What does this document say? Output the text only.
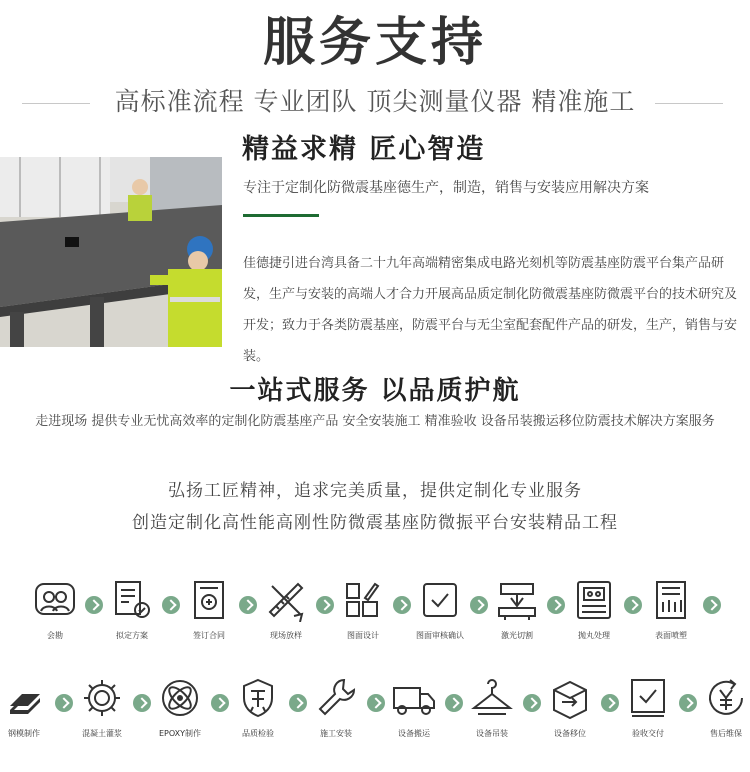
服务支持
高标准流程 专业团队 顶尖测量仪器 精准施工
精益求精 匠心智造
专注于定制化防微震基座德生产，制造，销售与安装应用解决方案
佳德捷引进台湾具备二十九年高端精密集成电路光刻机等防震基座防震平台集产品研发，生产与安装的高端人才合力开展高品质定制化防微震基座防微震平台的技术研究及开发；致力于各类防震基座，防震平台与无尘室配套配件产品的研发，生产，销售与安装。
一站式服务 以品质护航
走进现场 提供专业无忧高效率的定制化防震基座产品 安全安装施工 精准验收 设备吊装搬运移位防震技术解决方案服务
弘扬工匠精神，追求完美质量，提供定制化专业服务
创造定制化高性能高刚性防微震基座防微振平台安装精品工程
会勘	拟定方案	签订合同	现场放样	图面设计	图面审核确认	激光切割	抛丸处理	表面喷塑
钢模制作	混凝土灌浆	EPOXY制作	品质检验	施工安装	设备搬运	设备吊装	设备移位	验收交付	售后维保
